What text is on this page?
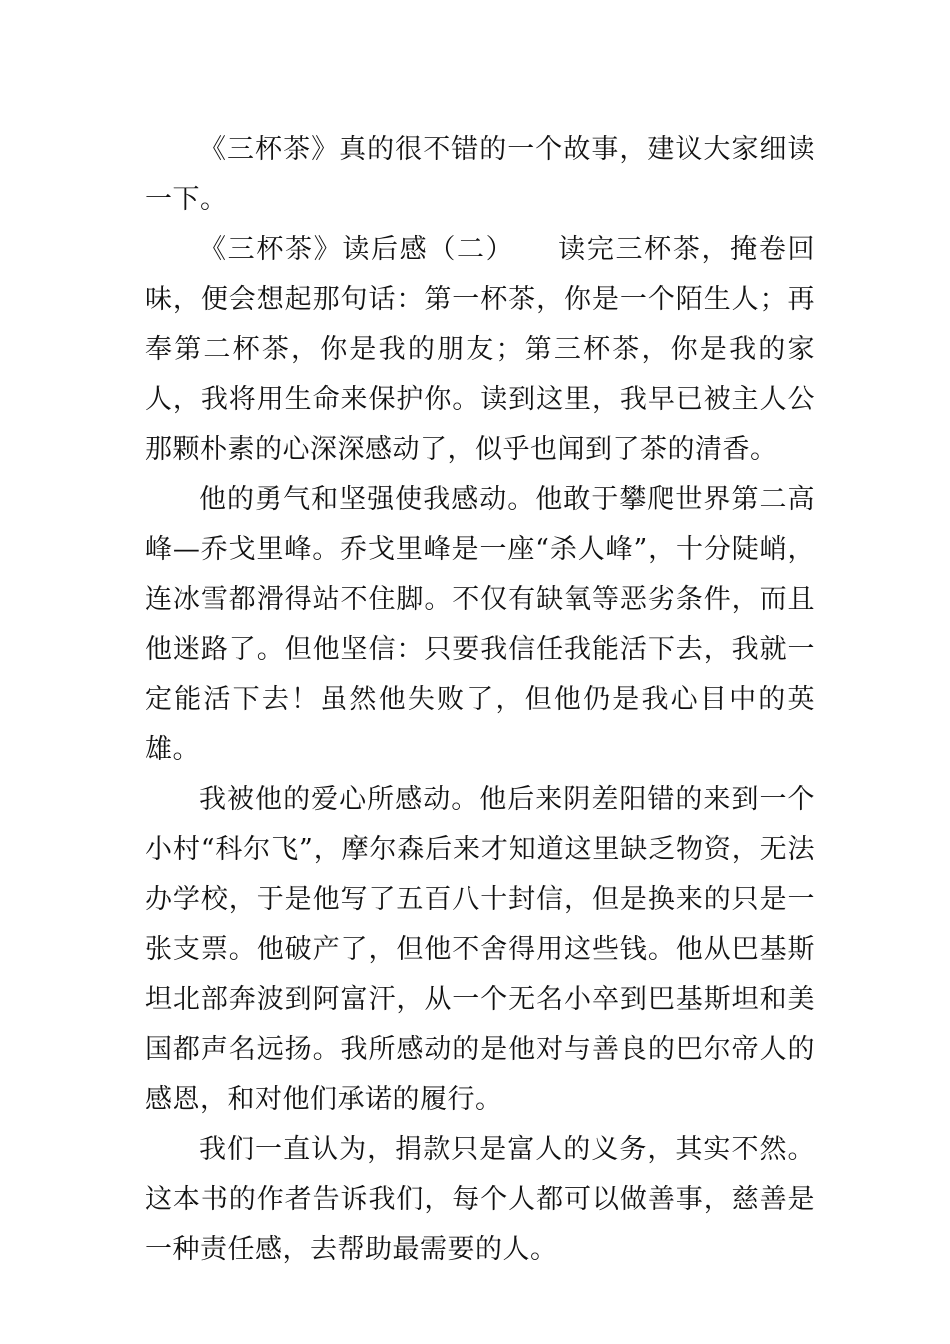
《三杯茶》真的很不错的一个故事，建议大家细读一下。

《三杯茶》读后感（二）　　读完三杯茶，掩卷回味，便会想起那句话：第一杯茶，你是一个陌生人；再奉第二杯茶，你是我的朋友；第三杯茶，你是我的家人，我将用生命来保护你。读到这里，我早已被主人公那颗朴素的心深深感动了，似乎也闻到了茶的清香。

他的勇气和坚强使我感动。他敢于攀爬世界第二高峰—乔戈里峰。乔戈里峰是一座“杀人峰”，十分陡峭，连冰雪都滑得站不住脚。不仅有缺氧等恶劣条件，而且他迷路了。但他坚信：只要我信任我能活下去，我就一定能活下去！虽然他失败了，但他仍是我心目中的英雄。

我被他的爱心所感动。他后来阴差阳错的来到一个小村“科尔飞”，摩尔森后来才知道这里缺乏物资，无法办学校，于是他写了五百八十封信，但是换来的只是一张支票。他破产了，但他不舍得用这些钱。他从巴基斯坦北部奔波到阿富汗，从一个无名小卒到巴基斯坦和美国都声名远扬。我所感动的是他对与善良的巴尔帝人的感恩，和对他们承诺的履行。

我们一直认为，捐款只是富人的义务，其实不然。这本书的作者告诉我们，每个人都可以做善事，慈善是一种责任感，去帮助最需要的人。
